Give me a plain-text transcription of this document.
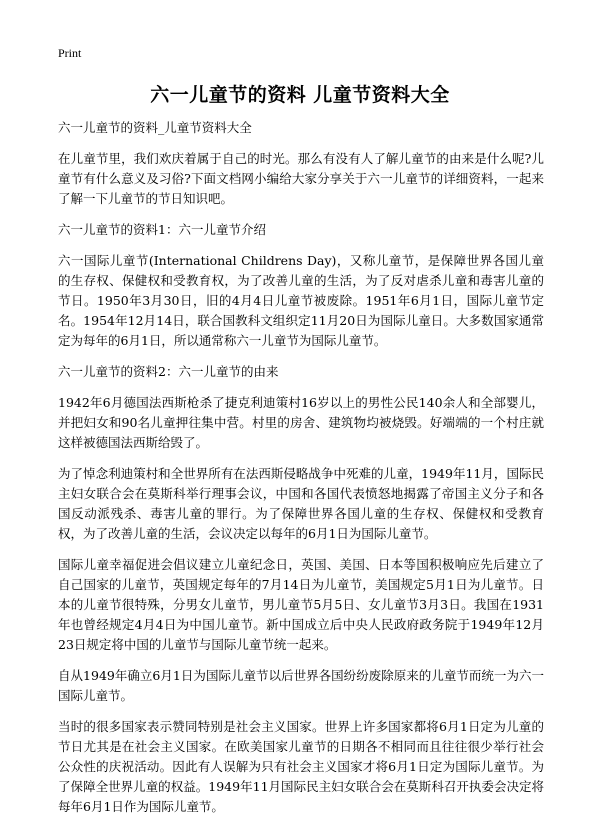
Print
六一儿童节的资料 儿童节资料大全

六一儿童节的资料_儿童节资料大全

在儿童节里，我们欢庆着属于自己的时光。那么有没有人了解儿童节的由来是什么呢?儿童节有什么意义及习俗?下面文档网小编给大家分享关于六一儿童节的详细资料，一起来了解一下儿童节的节日知识吧。

六一儿童节的资料1：六一儿童节介绍

六一国际儿童节(International Childrens Day)，又称儿童节，是保障世界各国儿童的生存权、保健权和受教育权，为了改善儿童的生活，为了反对虐杀儿童和毒害儿童的节日。1950年3月30日，旧的4月4日儿童节被废除。1951年6月1日，国际儿童节定名。1954年12月14日，联合国教科文组织定11月20日为国际儿童日。大多数国家通常定为每年的6月1日，所以通常称六一儿童节为国际儿童节。

六一儿童节的资料2：六一儿童节的由来

1942年6月德国法西斯枪杀了捷克利迪策村16岁以上的男性公民140余人和全部婴儿，并把妇女和90名儿童押往集中营。村里的房舍、建筑物均被烧毁。好端端的一个村庄就这样被德国法西斯给毁了。

为了悼念利迪策村和全世界所有在法西斯侵略战争中死难的儿童，1949年11月，国际民主妇女联合会在莫斯科举行理事会议，中国和各国代表愤怒地揭露了帝国主义分子和各国反动派残杀、毒害儿童的罪行。为了保障世界各国儿童的生存权、保健权和受教育权，为了改善儿童的生活，会议决定以每年的6月1日为国际儿童节。

国际儿童幸福促进会倡议建立儿童纪念日，英国、美国、日本等国积极响应先后建立了自己国家的儿童节，英国规定每年的7月14日为儿童节，美国规定5月1日为儿童节。日本的儿童节很特殊，分男女儿童节，男儿童节5月5日、女儿童节3月3日。我国在1931年也曾经规定4月4日为中国儿童节。新中国成立后中央人民政府政务院于1949年12月23日规定将中国的儿童节与国际儿童节统一起来。

自从1949年确立6月1日为国际儿童节以后世界各国纷纷废除原来的儿童节而统一为六一国际儿童节。

当时的很多国家表示赞同特别是社会主义国家。世界上许多国家都将6月1日定为儿童的节日尤其是在社会主义国家。在欧美国家儿童节的日期各不相同而且往往很少举行社会公众性的庆祝活动。因此有人误解为只有社会主义国家才将6月1日定为国际儿童节。为了保障全世界儿童的权益。1949年11月国际民主妇女联合会在莫斯科召开执委会决定将每年6月1日作为国际儿童节。
